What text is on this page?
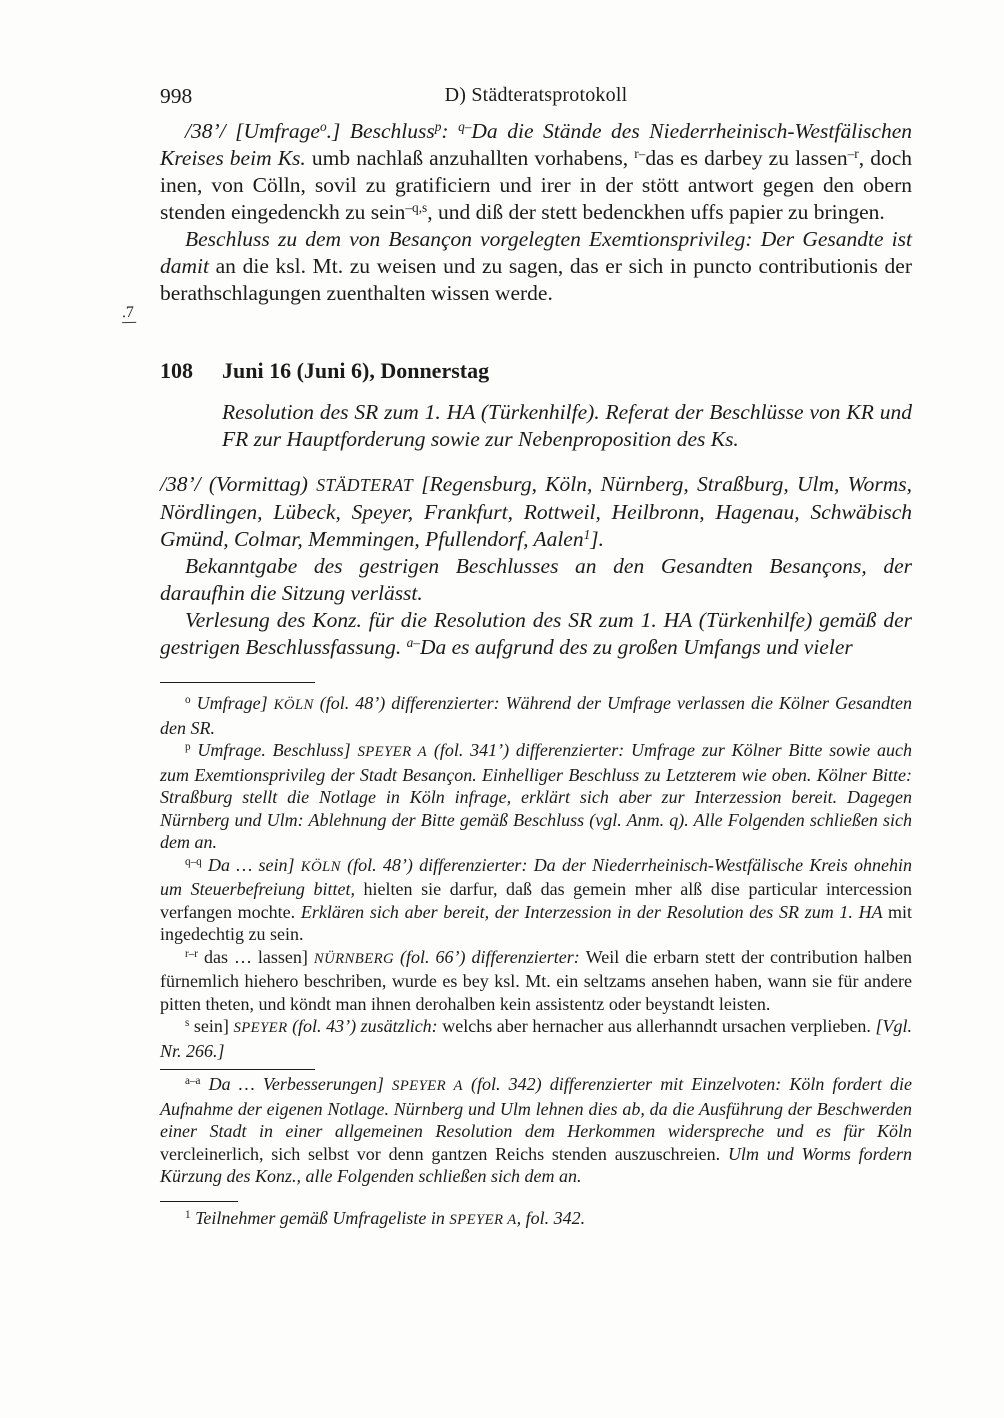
998	D) Städteratsprotokoll
.7

/38’/ [Umfrage$^o$.] Beschluss$^p$: $^{q-}$Da die Stände des Niederrheinisch-Westfälischen Kreises beim Ks. umb nachlaß anzuhallten vorhabens, $^{r-}$das es darbey zu lassen$^{-r}$, doch inen, von Cölln, sovil zu gratificiern und irer in der stött antwort gegen den obern stenden eingedenckh zu sein$^{-q,s}$, und diß der stett bedenckhen uffs papier zu bringen.

Beschluss zu dem von Besançon vorgelegten Exemtionsprivileg: Der Gesandte ist damit an die ksl. Mt. zu weisen und zu sagen, das er sich in puncto contributionis der berathschlagungen zuenthalten wissen werde.

108	Juni 16 (Juni 6), Donnerstag

Resolution des SR zum 1. HA (Türkenhilfe). Referat der Beschlüsse von KR und FR zur Hauptforderung sowie zur Nebenproposition des Ks.

/38’/ (Vormittag) STÄDTERAT [Regensburg, Köln, Nürnberg, Straßburg, Ulm, Worms, Nördlingen, Lübeck, Speyer, Frankfurt, Rottweil, Heilbronn, Hagenau, Schwäbisch Gmünd, Colmar, Memmingen, Pfullendorf, Aalen$^1$].

Bekanntgabe des gestrigen Beschlusses an den Gesandten Besançons, der daraufhin die Sitzung verlässt.

Verlesung des Konz. für die Resolution des SR zum 1. HA (Türkenhilfe) gemäß der gestrigen Beschlussfassung. $^{a-}$Da es aufgrund des zu großen Umfangs und vieler

$^o$ Umfrage] KÖLN (fol. 48’) differenzierter: Während der Umfrage verlassen die Kölner Gesandten den SR.

$^p$ Umfrage. Beschluss] SPEYER A (fol. 341’) differenzierter: Umfrage zur Kölner Bitte sowie auch zum Exemtionsprivileg der Stadt Besançon. Einhelliger Beschluss zu Letzterem wie oben. Kölner Bitte: Straßburg stellt die Notlage in Köln infrage, erklärt sich aber zur Interzession bereit. Dagegen Nürnberg und Ulm: Ablehnung der Bitte gemäß Beschluss (vgl. Anm. q). Alle Folgenden schließen sich dem an.

$^{q-q}$ Da … sein] KÖLN (fol. 48’) differenzierter: Da der Niederrheinisch-Westfälische Kreis ohnehin um Steuerbefreiung bittet, hielten sie darfur, daß das gemein mher alß dise particular intercession verfangen mochte. Erklären sich aber bereit, der Interzession in der Resolution des SR zum 1. HA mit ingedechtig zu sein.

$^{r-r}$ das … lassen] NÜRNBERG (fol. 66’) differenzierter: Weil die erbarn stett der contribution halben fürnemlich hiehero beschriben, wurde es bey ksl. Mt. ein seltzams ansehen haben, wann sie für andere pitten theten, und köndt man ihnen derohalben kein assistentz oder beystandt leisten.

$^s$ sein] SPEYER (fol. 43’) zusätzlich: welchs aber hernacher aus allerhanndt ursachen verplieben. [Vgl. Nr. 266.]

$^{a-a}$ Da … Verbesserungen] SPEYER A (fol. 342) differenzierter mit Einzelvoten: Köln fordert die Aufnahme der eigenen Notlage. Nürnberg und Ulm lehnen dies ab, da die Ausführung der Beschwerden einer Stadt in einer allgemeinen Resolution dem Herkommen widerspreche und es für Köln vercleinerlich, sich selbst vor denn gantzen Reichs stenden auszuschreien. Ulm und Worms fordern Kürzung des Konz., alle Folgenden schließen sich dem an.

$^1$ Teilnehmer gemäß Umfrageliste in SPEYER A, fol. 342.
